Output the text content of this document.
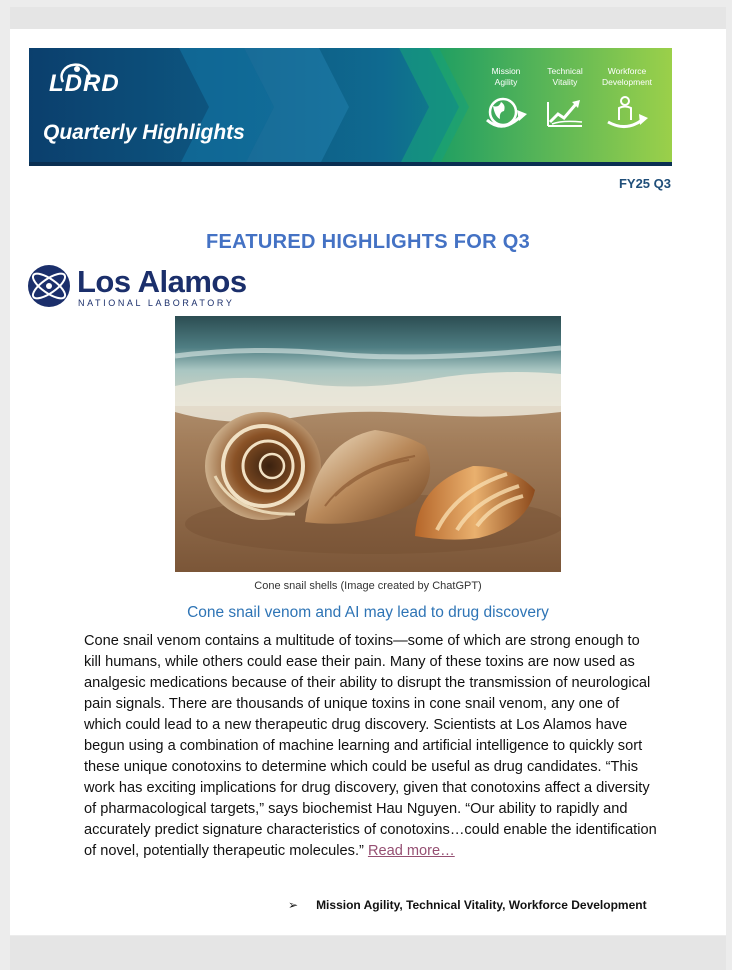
LDRD
Quarterly Highlights
Mission
Agility
Technical
Vitality
Workforce
Development
FY25 Q3
FEATURED HIGHLIGHTS FOR Q3
Los Alamos
NATIONAL LABORATORY
Cone snail shells (Image created by ChatGPT)
Cone snail venom and AI may lead to drug discovery
Cone snail venom contains a multitude of toxins—some of which are strong enough to kill humans, while others could ease their pain. Many of these toxins are now used as analgesic medications because of their ability to disrupt the transmission of neurological pain signals. There are thousands of unique toxins in cone snail venom, any one of which could lead to a new therapeutic drug discovery. Scientists at Los Alamos have begun using a combination of machine learning and artificial intelligence to quickly sort these unique conotoxins to determine which could be useful as drug candidates. “This work has exciting implications for drug discovery, given that conotoxins affect a diversity of pharmacological targets,” says biochemist Hau Nguyen. “Our ability to rapidly and accurately predict signature characteristics of conotoxins…could enable the identification of novel, potentially therapeutic molecules.” Read more…
➢ Mission Agility, Technical Vitality, Workforce Development
